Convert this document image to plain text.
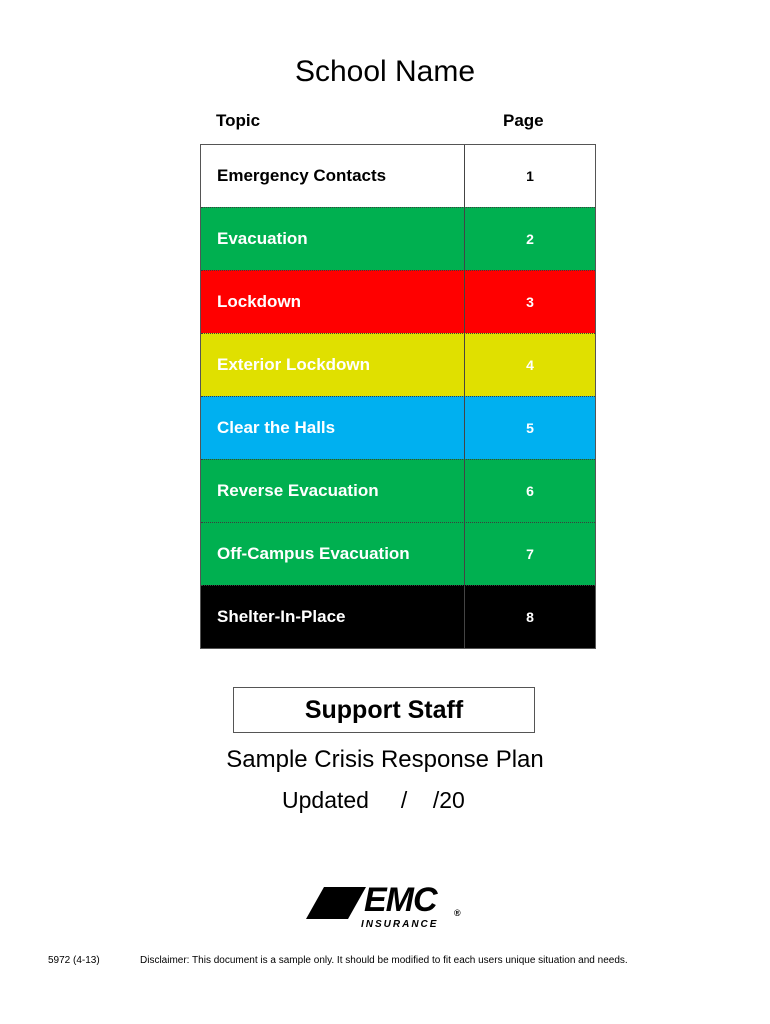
School Name
Topic	Page
Emergency Contacts	1
Evacuation	2
Lockdown	3
Exterior Lockdown	4
Clear the Halls	5
Reverse Evacuation	6
Off-Campus Evacuation	7
Shelter-In-Place	8
Support Staff
Sample Crisis Response Plan
Updated     /    /20
EMC ®
INSURANCE
5972 (4-13)	Disclaimer: This document is a sample only. It should be modified to fit each users unique situation and needs.
